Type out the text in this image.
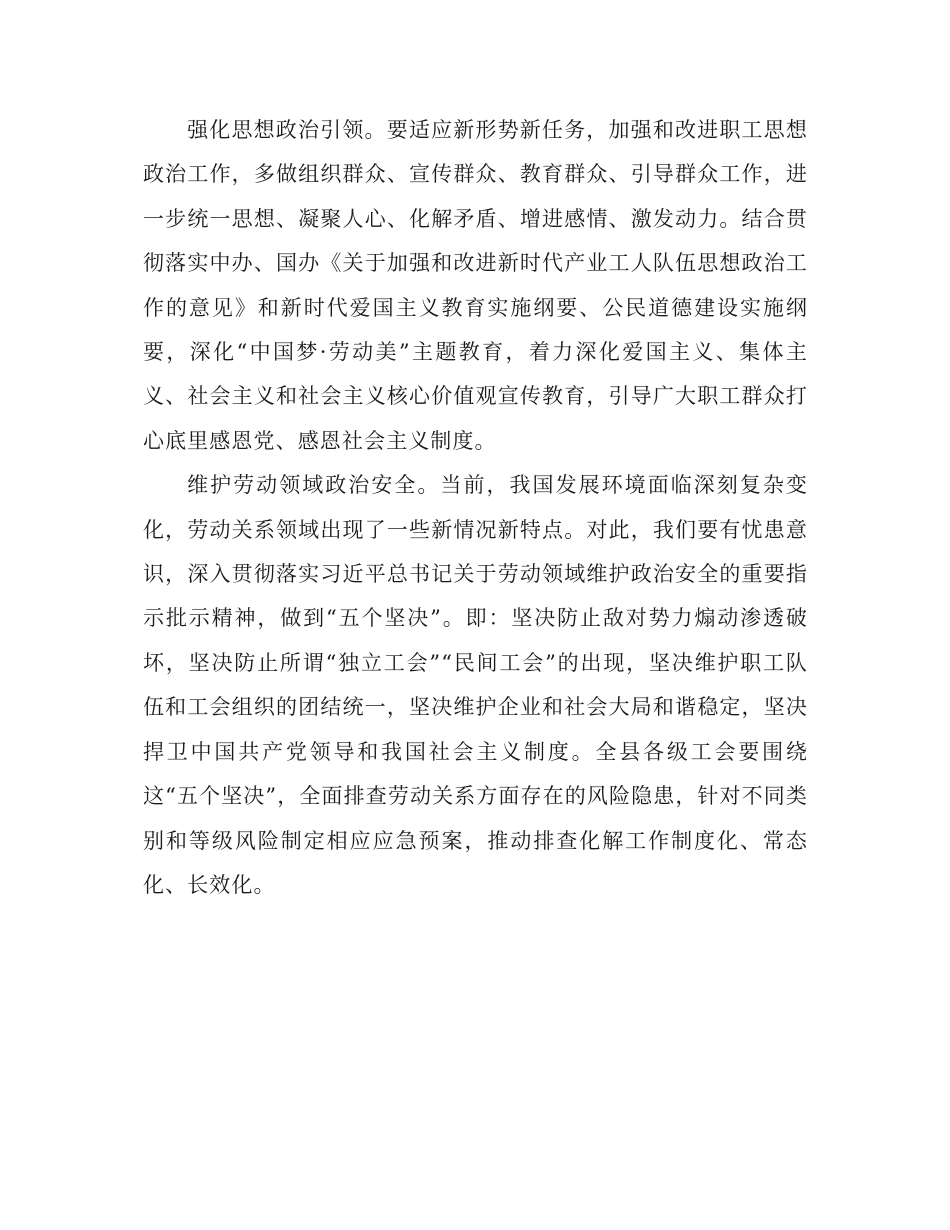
强化思想政治引领。要适应新形势新任务，加强和改进职工思想政治工作，多做组织群众、宣传群众、教育群众、引导群众工作，进一步统一思想、凝聚人心、化解矛盾、增进感情、激发动力。结合贯彻落实中办、国办《关于加强和改进新时代产业工人队伍思想政治工作的意见》和新时代爱国主义教育实施纲要、公民道德建设实施纲要，深化“中国梦·劳动美”主题教育，着力深化爱国主义、集体主义、社会主义和社会主义核心价值观宣传教育，引导广大职工群众打心底里感恩党、感恩社会主义制度。

维护劳动领域政治安全。当前，我国发展环境面临深刻复杂变化，劳动关系领域出现了一些新情况新特点。对此，我们要有忧患意识，深入贯彻落实习近平总书记关于劳动领域维护政治安全的重要指示批示精神，做到“五个坚决”。即：坚决防止敌对势力煽动渗透破坏，坚决防止所谓“独立工会”“民间工会”的出现，坚决维护职工队伍和工会组织的团结统一，坚决维护企业和社会大局和谐稳定，坚决捍卫中国共产党领导和我国社会主义制度。全县各级工会要围绕这“五个坚决”，全面排查劳动关系方面存在的风险隐患，针对不同类别和等级风险制定相应应急预案，推动排查化解工作制度化、常态化、长效化。
